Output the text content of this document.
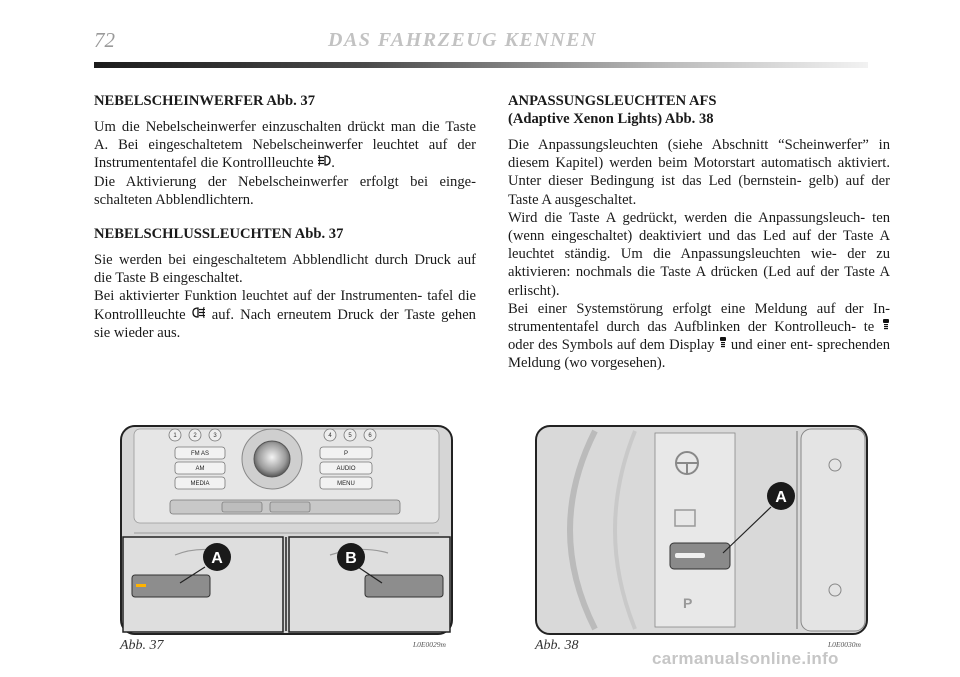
72	DAS FAHRZEUG KENNEN
NEBELSCHEINWERFER Abb. 37

Um die Nebelscheinwerfer einzuschalten drückt man die Taste A. Bei eingeschaltetem Nebelscheinwerfer leuchtet auf der Instrumententafel die Kontrollleuchte .
Die Aktivierung der Nebelscheinwerfer erfolgt bei einge- schalteten Abblendlichtern.

NEBELSCHLUSSLEUCHTEN Abb. 37

Sie werden bei eingeschaltetem Abblendlicht durch Druck auf die Taste B eingeschaltet.
Bei aktivierter Funktion leuchtet auf der Instrumenten- tafel die Kontrollleuchte auf. Nach erneutem Druck der Taste gehen sie wieder aus.

ANPASSUNGSLEUCHTEN AFS
(Adaptive Xenon Lights) Abb. 38

Die Anpassungsleuchten (siehe Abschnitt “Scheinwerfer” in diesem Kapitel) werden beim Motorstart automatisch aktiviert. Unter dieser Bedingung ist das Led (bernstein- gelb) auf der Taste A ausgeschaltet.

Wird die Taste A gedrückt, werden die Anpassungsleuch- ten (wenn eingeschaltet) deaktiviert und das Led auf der Taste A leuchtet ständig. Um die Anpassungsleuchten wie- der zu aktivieren: nochmals die Taste A drücken (Led auf der Taste A erlischt).

Bei einer Systemstörung erfolgt eine Meldung auf der In- strumententafel durch das Aufblinken der Kontrolleuch- te  oder des Symbols auf dem Display und einer ent- sprechenden Meldung (wo vorgesehen).

1	2	3	4	5	6
FM AS
AM
MEDIA
P
AUDIO
MENU
A	B
Abb. 37	L0E0029m
P
A
Abb. 38	L0E0030m
carmanualsonline.info
